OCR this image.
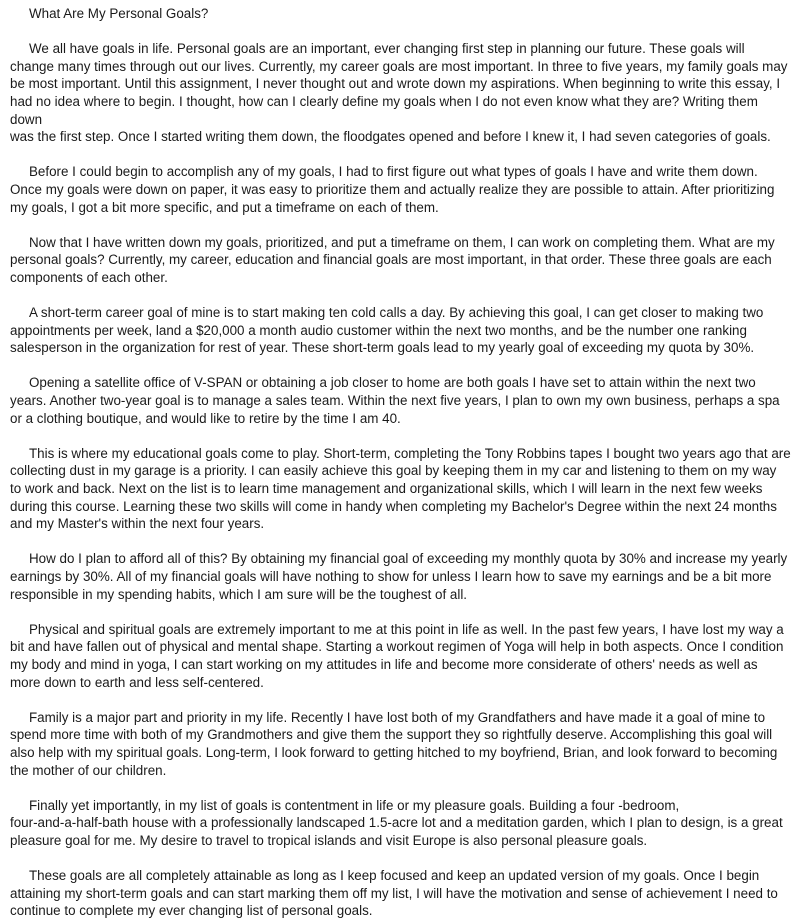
What Are My Personal Goals?

We all have goals in life. Personal goals are an important, ever changing first step in planning our future. These goals will
change many times through out our lives. Currently, my career goals are most important. In three to five years, my family goals may
be most important. Until this assignment, I never thought out and wrote down my aspirations. When beginning to write this essay, I
had no idea where to begin. I thought, how can I clearly define my goals when I do not even know what they are? Writing them down
was the first step. Once I started writing them down, the floodgates opened and before I knew it, I had seven categories of goals.

Before I could begin to accomplish any of my goals, I had to first figure out what types of goals I have and write them down.
Once my goals were down on paper, it was easy to prioritize them and actually realize they are possible to attain. After prioritizing
my goals, I got a bit more specific, and put a timeframe on each of them.

Now that I have written down my goals, prioritized, and put a timeframe on them, I can work on completing them. What are my
personal goals? Currently, my career, education and financial goals are most important, in that order. These three goals are each
components of each other.

A short-term career goal of mine is to start making ten cold calls a day. By achieving this goal, I can get closer to making two
appointments per week, land a $20,000 a month audio customer within the next two months, and be the number one ranking
salesperson in the organization for rest of year. These short-term goals lead to my yearly goal of exceeding my quota by 30%.

Opening a satellite office of V-SPAN or obtaining a job closer to home are both goals I have set to attain within the next two
years. Another two-year goal is to manage a sales team. Within the next five years, I plan to own my own business, perhaps a spa
or a clothing boutique, and would like to retire by the time I am 40.

This is where my educational goals come to play. Short-term, completing the Tony Robbins tapes I bought two years ago that are
collecting dust in my garage is a priority. I can easily achieve this goal by keeping them in my car and listening to them on my way
to work and back. Next on the list is to learn time management and organizational skills, which I will learn in the next few weeks
during this course. Learning these two skills will come in handy when completing my Bachelor's Degree within the next 24 months
and my Master's within the next four years.

How do I plan to afford all of this? By obtaining my financial goal of exceeding my monthly quota by 30% and increase my yearly
earnings by 30%. All of my financial goals will have nothing to show for unless I learn how to save my earnings and be a bit more
responsible in my spending habits, which I am sure will be the toughest of all.

Physical and spiritual goals are extremely important to me at this point in life as well. In the past few years, I have lost my way a
bit and have fallen out of physical and mental shape. Starting a workout regimen of Yoga will help in both aspects. Once I condition
my body and mind in yoga, I can start working on my attitudes in life and become more considerate of others' needs as well as
more down to earth and less self-centered.

Family is a major part and priority in my life. Recently I have lost both of my Grandfathers and have made it a goal of mine to
spend more time with both of my Grandmothers and give them the support they so rightfully deserve. Accomplishing this goal will
also help with my spiritual goals. Long-term, I look forward to getting hitched to my boyfriend, Brian, and look forward to becoming
the mother of our children.

Finally yet importantly, in my list of goals is contentment in life or my pleasure goals. Building a four -bedroom,
four-and-a-half-bath house with a professionally landscaped 1.5-acre lot and a meditation garden, which I plan to design, is a great
pleasure goal for me. My desire to travel to tropical islands and visit Europe is also personal pleasure goals.

These goals are all completely attainable as long as I keep focused and keep an updated version of my goals. Once I begin
attaining my short-term goals and can start marking them off my list, I will have the motivation and sense of achievement I need to
continue to complete my ever changing list of personal goals.
